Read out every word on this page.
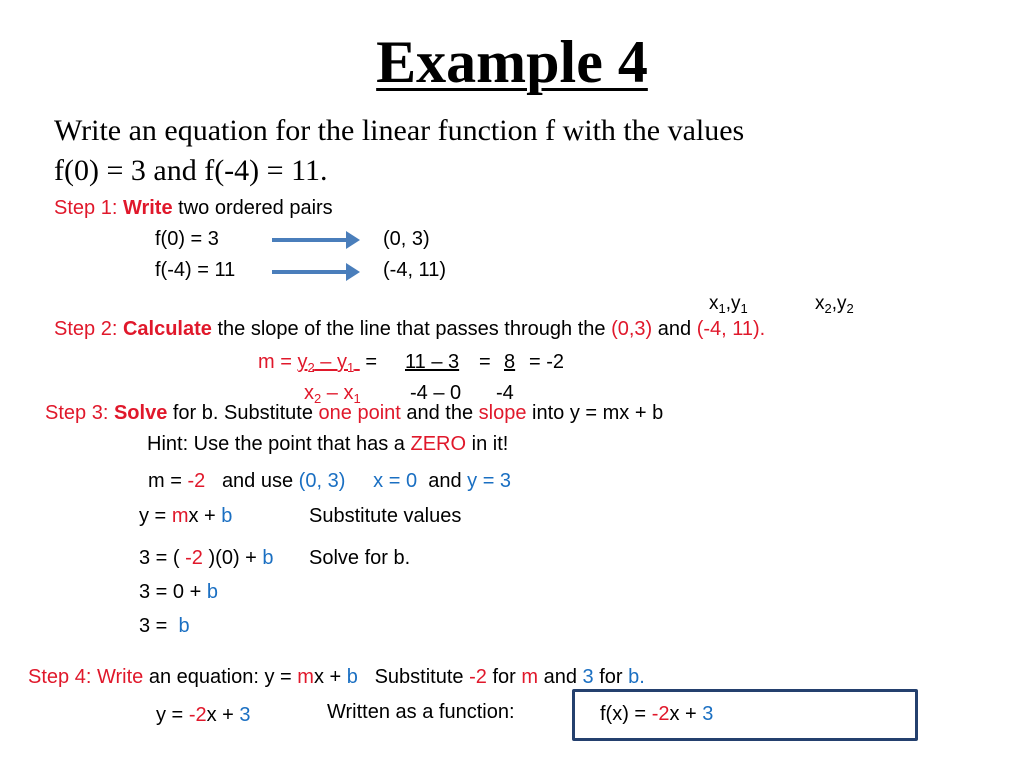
Example 4
Write an equation for the linear function f with the values
f(0) = 3 and f(-4) = 11.
Step 1: Write two ordered pairs
f(0) = 3	(0, 3)
f(-4) = 11	(-4, 11)
$x_1,y_1$	$x_2,y_2$
Step 2: Calculate the slope of the line that passes through the (0,3) and (-4, 11).
$m = y_2 - y_1 = 11 - 3 = 8 = -2$
$x_2 - x_1$ -4 – 0 -4
Step 3: Solve for b. Substitute one point and the slope into y = mx + b
Hint: Use the point that has a ZERO in it!
m = -2 and use (0, 3) x = 0 and y = 3
y = mx + b	Substitute values
3 = ( -2 )(0) + b Solve for b.
3 = 0 + b
3 = b
Step 4: Write an equation: y = mx + b Substitute -2 for m and 3 for b.
y = -2x + 3	Written as a function:	f(x) = -2x + 3
